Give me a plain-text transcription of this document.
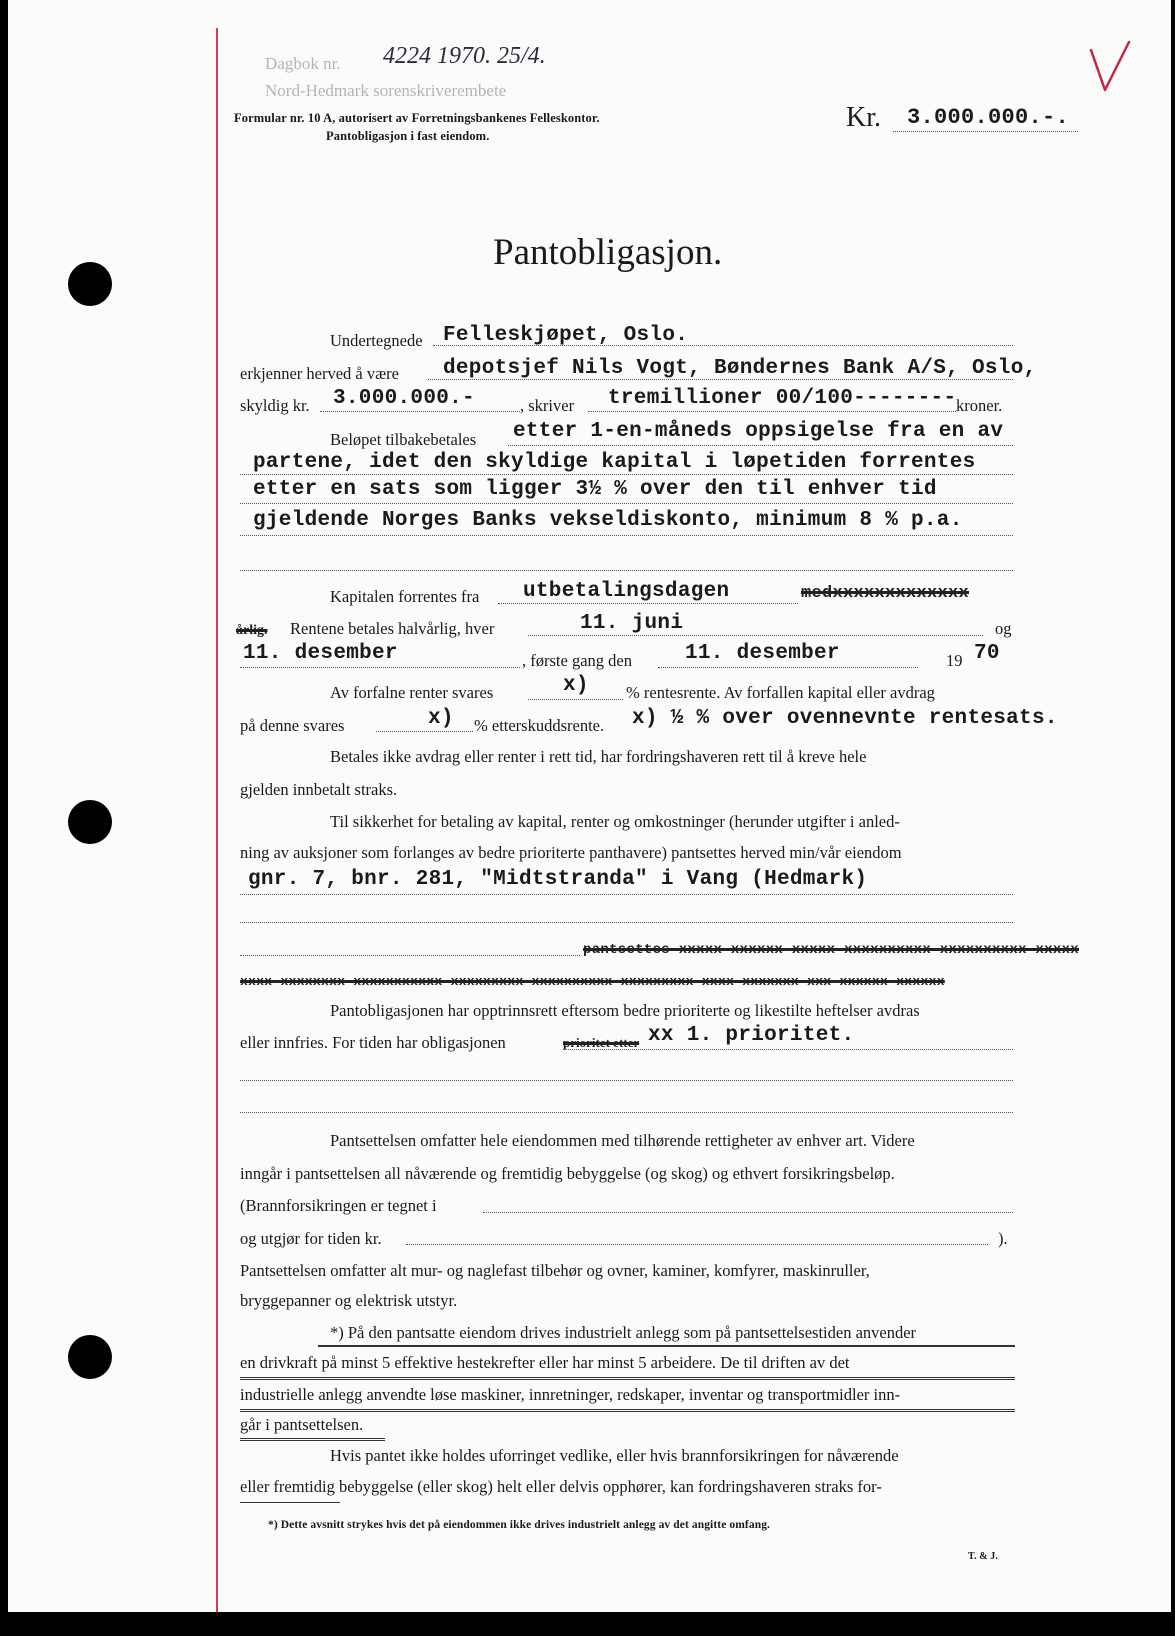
Dagbok nr. 4224 1970. 25/4.
Nord-Hedmark sorenskriverembete
Formular nr. 10 A, autorisert av Forretningsbankenes Felleskontor.
Pantobligasjon i fast eiendom.
Kr. 3.000.000.-.
Pantobligasjon.
Undertegnede Felleskjøpet, Oslo.
erkjenner herved å være depotsjef Nils Vogt, Bøndernes Bank A/S, Oslo,
skyldig kr. 3.000.000.-	, skriver tremillioner 00/100-------- kroner.
Beløpet tilbakebetales etter 1-en-måneds oppsigelse fra en av
partene, idet den skyldige kapital i løpetiden forrentes
etter en sats som ligger 3½ % over den til enhver tid
gjeldende Norges Banks vekseldiskonto, minimum 8 % p.a.
Kapitalen forrentes fra utbetalingsdagen	medxxxxxxxxxxxxx
årlig. Rentene betales halvårlig, hver	11. juni	og
11. desember	, første gang den	11. desember	19 70
Av forfalne renter svares	x) % rentesrente. Av forfallen kapital eller avdrag
på denne svares	x) % etterskuddsrente. x) ½ % over ovennevnte rentesats.
Betales ikke avdrag eller renter i rett tid, har fordringshaveren rett til å kreve hele
gjelden innbetalt straks.
Til sikkerhet for betaling av kapital, renter og omkostninger (herunder utgifter i anled-
ning av auksjoner som forlanges av bedre prioriterte panthavere) pantsettes herved min/vår eiendom
gnr. 7, bnr. 281, "Midtstranda" i Vang (Hedmark)
pantsettes xxxxx xxxxxx xxxxx xxxxxxxxxx xxxxxxxxxx xxxxx
xxxx xxxxxxxx xxxxxxxxxxx xxxxxxxxx xxxxxxxxxx xxxxxxxxx xxxx xxxxxxx xxx xxxxxx xxxxxx
Pantobligasjonen har opptrinnsrett eftersom bedre prioriterte og likestilte heftelser avdras
eller innfries. For tiden har obligasjonen	prioritet etter xx 1. prioritet.
Pantsettelsen omfatter hele eiendommen med tilhørende rettigheter av enhver art. Videre
inngår i pantsettelsen all nåværende og fremtidig bebyggelse (og skog) og ethvert forsikringsbeløp.
(Brannforsikringen er tegnet i
og utgjør for tiden kr.	).
Pantsettelsen omfatter alt mur- og naglefast tilbehør og ovner, kaminer, komfyrer, maskinruller,
bryggepanner og elektrisk utstyr.
*) På den pantsatte eiendom drives industrielt anlegg som på pantsettelsestiden anvender
en drivkraft på minst 5 effektive hestekrefter eller har minst 5 arbeidere. De til driften av det
industrielle anlegg anvendte løse maskiner, innretninger, redskaper, inventar og transportmidler inn-
går i pantsettelsen.
Hvis pantet ikke holdes uforringet vedlike, eller hvis brannforsikringen for nåværende
eller fremtidig bebyggelse (eller skog) helt eller delvis opphører, kan fordringshaveren straks for-
*) Dette avsnitt strykes hvis det på eiendommen ikke drives industrielt anlegg av det angitte omfang.
T. & J.
